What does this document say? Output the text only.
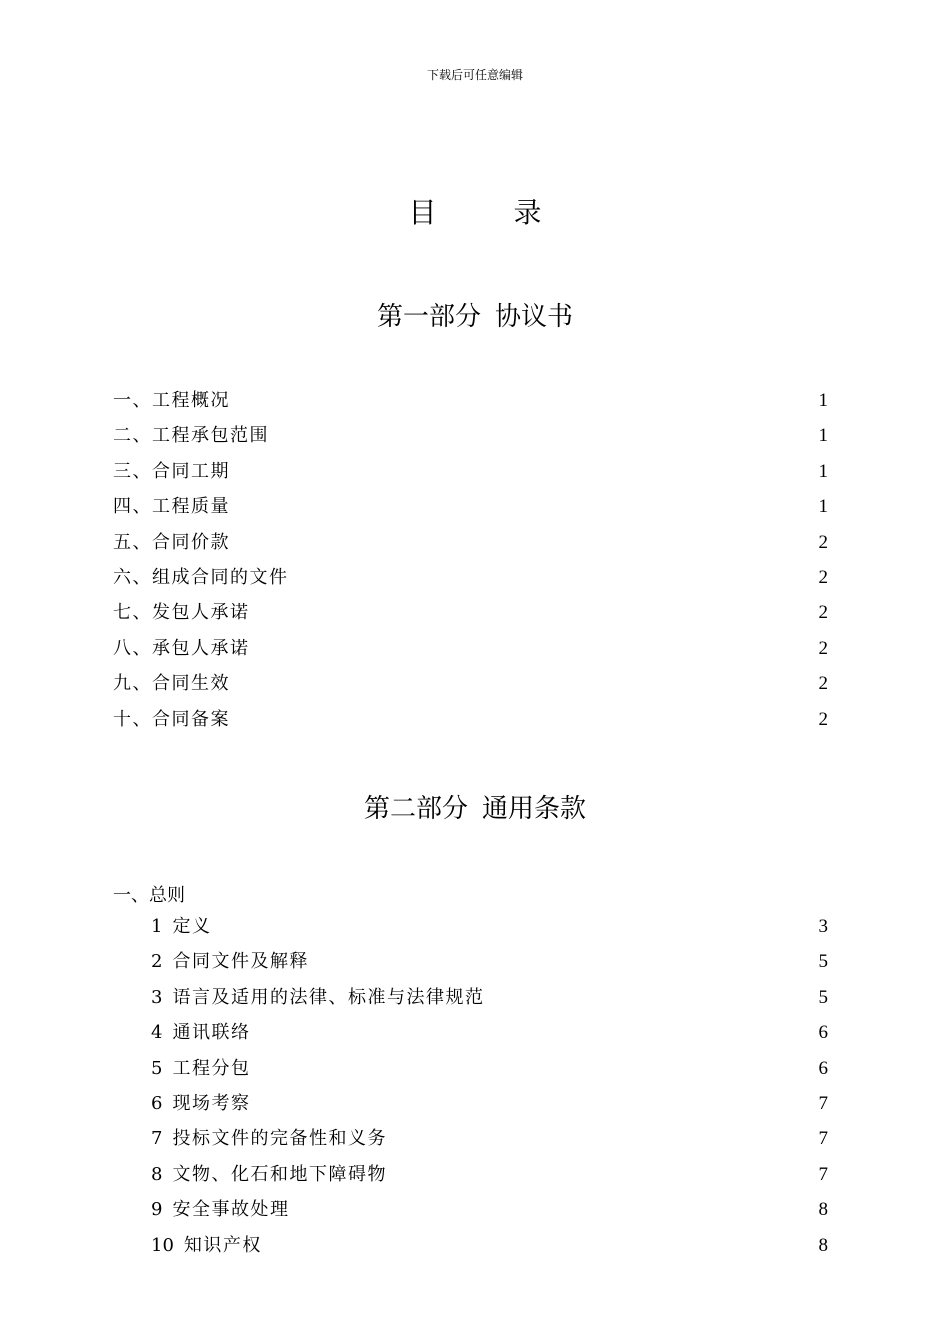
下载后可任意编辑
目 录
第一部分 协议书
一、工程概况	1
二、工程承包范围	1
三、合同工期	1
四、工程质量	1
五、合同价款	2
六、组成合同的文件	2
七、发包人承诺	2
八、承包人承诺	2
九、合同生效	2
十、合同备案	2
第二部分 通用条款
一、总则
1 定义	3
2 合同文件及解释	5
3 语言及适用的法律、标准与法律规范	5
4 通讯联络	6
5 工程分包	6
6 现场考察	7
7 投标文件的完备性和义务	7
8 文物、化石和地下障碍物	7
9 安全事故处理	8
10 知识产权	8
